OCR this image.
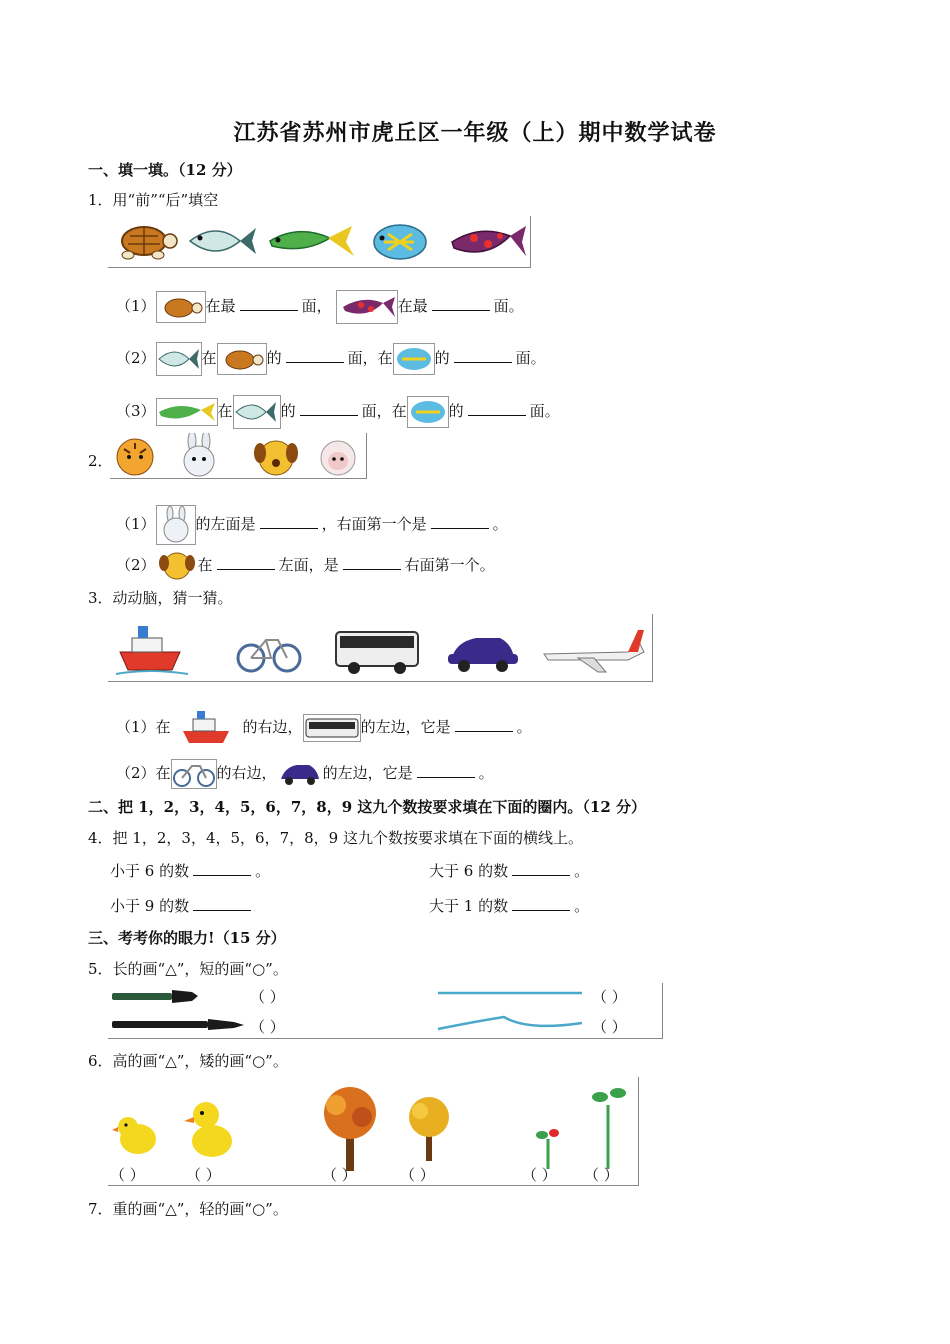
江苏省苏州市虎丘区一年级（上）期中数学试卷
一、填一填。（12 分）
1．用“前”“后”填空
（1）	在最	面，	在最	面。
（2）	在	的	面，在	的	面。
（3）	在	的	面，在	的	面。
2．
（1）	的左面是	，右面第一个是	。
（2）	在	左面，是	右面第一个。
3．动动脑，猜一猜。
（1）在	的右边，	的左边，它是	。
（2）在	的右边，	的左边，它是	。
二、把 1，2，3，4，5，6，7，8，9 这九个数按要求填在下面的圈内。（12 分）
4．把 1，2，3，4，5，6，7，8，9 这九个数按要求填在下面的横线上。
小于 6 的数	。	大于 6 的数	。
小于 9 的数	大于 1 的数	。
三、考考你的眼力!（15 分）
5．长的画“△”，短的画“○”。
（ ）
（ ）
（ ）
（ ）
6．高的画“△”，矮的画“○”。
（ ）	（ ）	（ ）	（ ）	（ ） （ ）
7．重的画“△”，轻的画“○”。
